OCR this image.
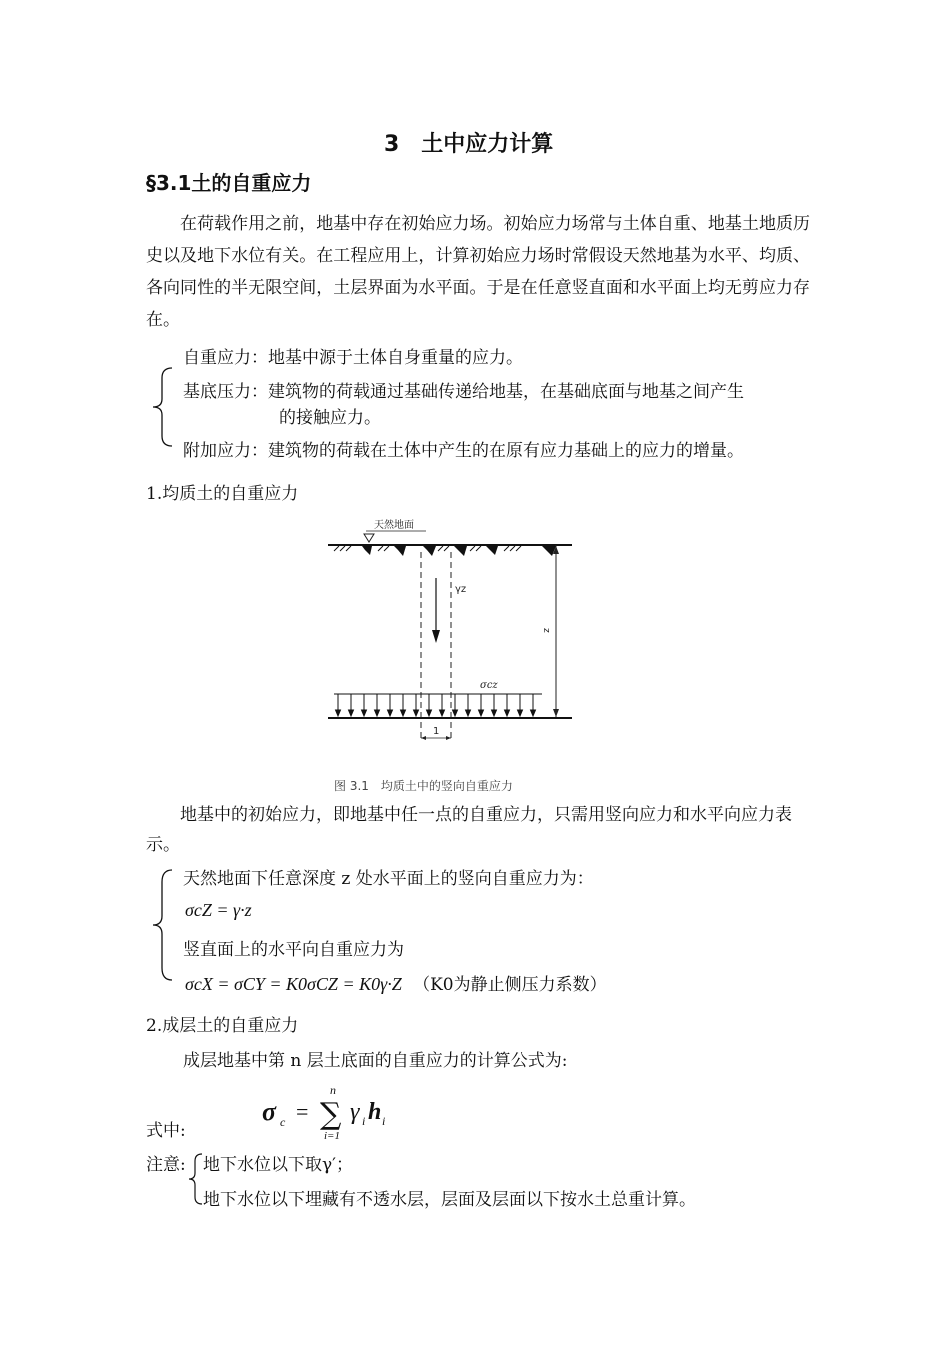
3　土中应力计算
§3.1土的自重应力
在荷载作用之前，地基中存在初始应力场。初始应力场常与土体自重、地基土地质历史以及地下水位有关。在工程应用上，计算初始应力场时常假设天然地基为水平、均质、各向同性的半无限空间，土层界面为水平面。于是在任意竖直面和水平面上均无剪应力存在。
自重应力：地基中源于土体自身重量的应力。
基底压力：建筑物的荷载通过基础传递给地基，在基础底面与地基之间产生
的接触应力。
附加应力：建筑物的荷载在土体中产生的在原有应力基础上的应力的增量。
1.均质土的自重应力
天然地面
γz
z
σcz
1
图 3.1　均质土中的竖向自重应力
地基中的初始应力，即地基中任一点的自重应力，只需用竖向应力和水平向应力表示。
天然地面下任意深度 z 处水平面上的竖向自重应力为：
σcZ = γ·z
竖直面上的水平向自重应力为
σcX = σCY = K0σCZ = K0γ·Z （K0为静止侧压力系数）
2.成层土的自重应力
成层地基中第 n 层土底面的自重应力的计算公式为:
式中:
σ c = ∑
n
i=1
γ i h i
注意: 地下水位以下取γ′；
地下水位以下埋藏有不透水层，层面及层面以下按水土总重计算。
